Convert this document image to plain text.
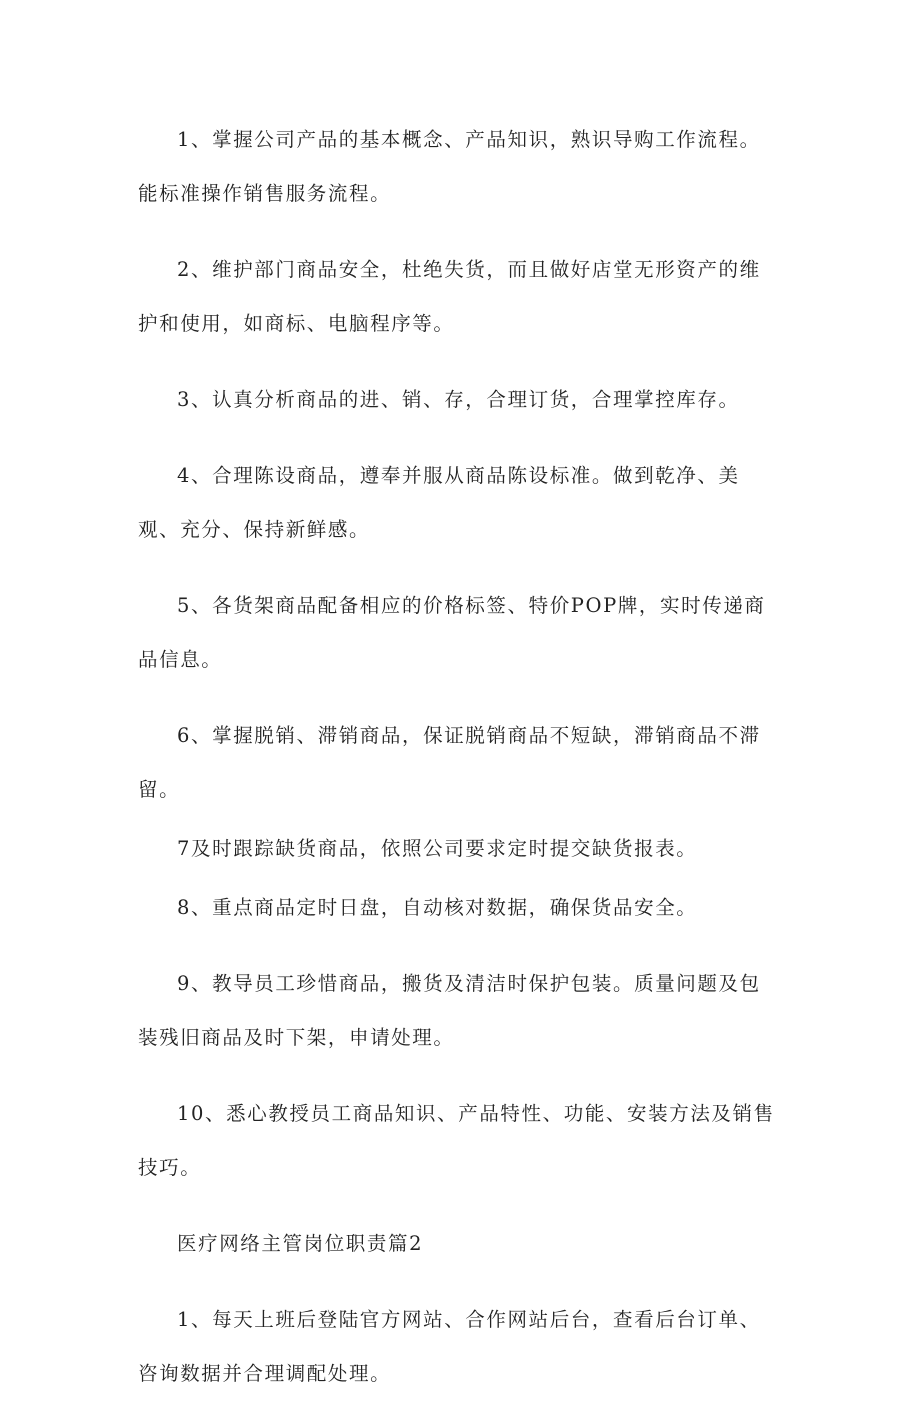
1、掌握公司产品的基本概念、产品知识，熟识导购工作流程。能标准操作销售服务流程。

2、维护部门商品安全，杜绝失货，而且做好店堂无形资产的维护和使用，如商标、电脑程序等。

3、认真分析商品的进、销、存，合理订货，合理掌控库存。

4、合理陈设商品，遵奉并服从商品陈设标准。做到乾净、美观、充分、保持新鲜感。

5、各货架商品配备相应的价格标签、特价POP牌，实时传递商品信息。

6、掌握脱销、滞销商品，保证脱销商品不短缺，滞销商品不滞留。

7及时跟踪缺货商品，依照公司要求定时提交缺货报表。

8、重点商品定时日盘，自动核对数据，确保货品安全。

9、教导员工珍惜商品，搬货及清洁时保护包装。质量问题及包装残旧商品及时下架，申请处理。

10、悉心教授员工商品知识、产品特性、功能、安装方法及销售技巧。

医疗网络主管岗位职责篇2

1、每天上班后登陆官方网站、合作网站后台，查看后台订单、咨询数据并合理调配处理。
